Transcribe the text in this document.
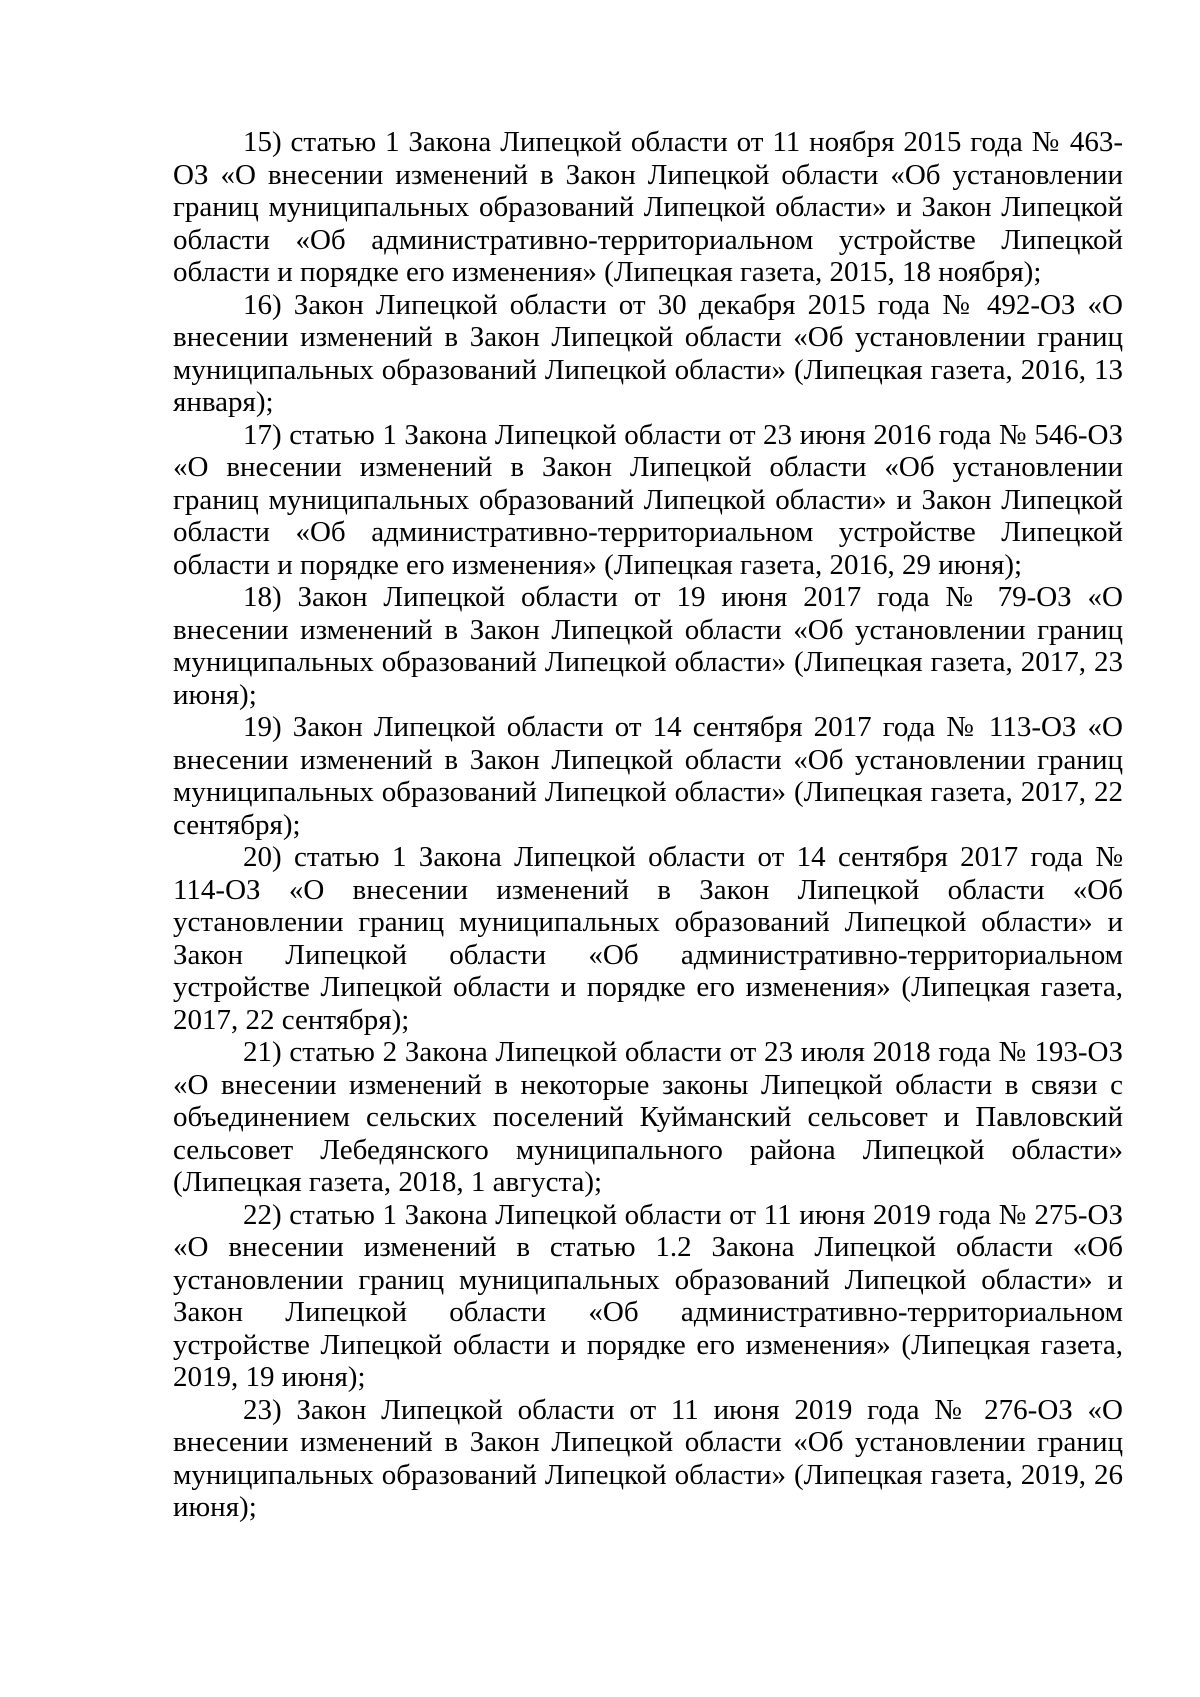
15) статью 1 Закона Липецкой области от 11 ноября 2015 года № 463-ОЗ «О внесении изменений в Закон Липецкой области «Об установлении границ муниципальных образований Липецкой области» и Закон Липецкой области «Об административно-территориальном устройстве Липецкой области и порядке его изменения» (Липецкая газета, 2015, 18 ноября);

16) Закон Липецкой области от 30 декабря 2015 года № 492-ОЗ «О внесении изменений в Закон Липецкой области «Об установлении границ муниципальных образований Липецкой области» (Липецкая газета, 2016, 13 января);

17) статью 1 Закона Липецкой области от 23 июня 2016 года № 546-ОЗ «О внесении изменений в Закон Липецкой области «Об установлении границ муниципальных образований Липецкой области» и Закон Липецкой области «Об административно-территориальном устройстве Липецкой области и порядке его изменения» (Липецкая газета, 2016, 29 июня);

18) Закон Липецкой области от 19 июня 2017 года № 79-ОЗ «О внесении изменений в Закон Липецкой области «Об установлении границ муниципальных образований Липецкой области» (Липецкая газета, 2017, 23 июня);

19) Закон Липецкой области от 14 сентября 2017 года № 113-ОЗ «О внесении изменений в Закон Липецкой области «Об установлении границ муниципальных образований Липецкой области» (Липецкая газета, 2017, 22 сентября);

20) статью 1 Закона Липецкой области от 14 сентября 2017 года № 114-ОЗ «О внесении изменений в Закон Липецкой области «Об установлении границ муниципальных образований Липецкой области» и Закон Липецкой области «Об административно-территориальном устройстве Липецкой области и порядке его изменения» (Липецкая газета, 2017, 22 сентября);

21) статью 2 Закона Липецкой области от 23 июля 2018 года № 193-ОЗ «О внесении изменений в некоторые законы Липецкой области в связи с объединением сельских поселений Куйманский сельсовет и Павловский сельсовет Лебедянского муниципального района Липецкой области» (Липецкая газета, 2018, 1 августа);

22) статью 1 Закона Липецкой области от 11 июня 2019 года № 275-ОЗ «О внесении изменений в статью 1.2 Закона Липецкой области «Об установлении границ муниципальных образований Липецкой области» и Закон Липецкой области «Об административно-территориальном устройстве Липецкой области и порядке его изменения» (Липецкая газета, 2019, 19 июня);

23) Закон Липецкой области от 11 июня 2019 года № 276-ОЗ «О внесении изменений в Закон Липецкой области «Об установлении границ муниципальных образований Липецкой области» (Липецкая газета, 2019, 26 июня);
